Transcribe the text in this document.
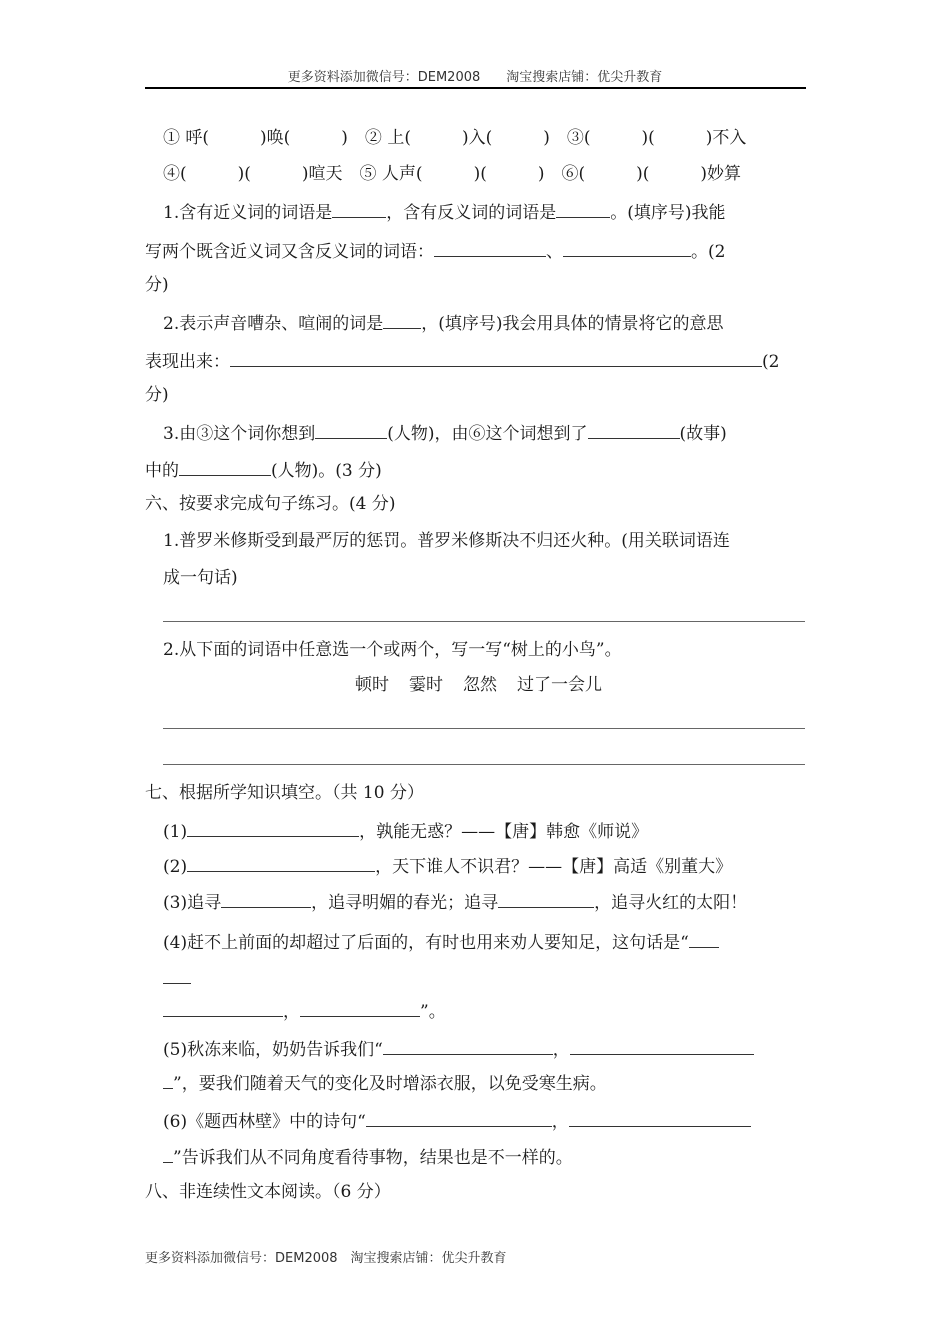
更多资料添加微信号：DEM2008　　淘宝搜索店铺：优尖升教育
① 呼(　　　)唤(　　　)　② 上(　　　)入(　　　)　③(　　　)(　　　)不入
④(　　　)(　　　)喧天　⑤ 人声(　　　)(　　　)　⑥(　　　)(　　　)妙算
1.含有近义词的词语是	，含有反义词的词语是	。(填序号)我能
写两个既含近义词又含反义词的词语：	、	。(2
分)
2.表示声音嘈杂、喧闹的词是 ，(填序号)我会用具体的情景将它的意思
表现出来：	(2
分)
3.由③这个词你想到	(人物)，由⑥这个词想到了	(故事)
中的	(人物)。(3 分)
六、按要求完成句子练习。(4 分)
1.普罗米修斯受到最严厉的惩罚。普罗米修斯决不归还火种。(用关联词语连
成一句话)
2.从下面的词语中任意选一个或两个，写一写“树上的小鸟”。
顿时 霎时 忽然 过了一会儿
七、根据所学知识填空。（共 10 分）
(1)	，孰能无惑？——【唐】韩愈《师说》
(2)	，天下谁人不识君？——【唐】高适《别董大》
(3)追寻	，追寻明媚的春光；追寻	，追寻火红的太阳！
(4)赶不上前面的却超过了后面的，有时也用来劝人要知足，这句话是“
，	”。
(5)秋冻来临，奶奶告诉我们“	，
”，要我们随着天气的变化及时增添衣服，以免受寒生病。
(6)《题西林壁》中的诗句“	，
”告诉我们从不同角度看待事物，结果也是不一样的。
八、非连续性文本阅读。（6 分）
更多资料添加微信号：DEM2008　淘宝搜索店铺：优尖升教育
